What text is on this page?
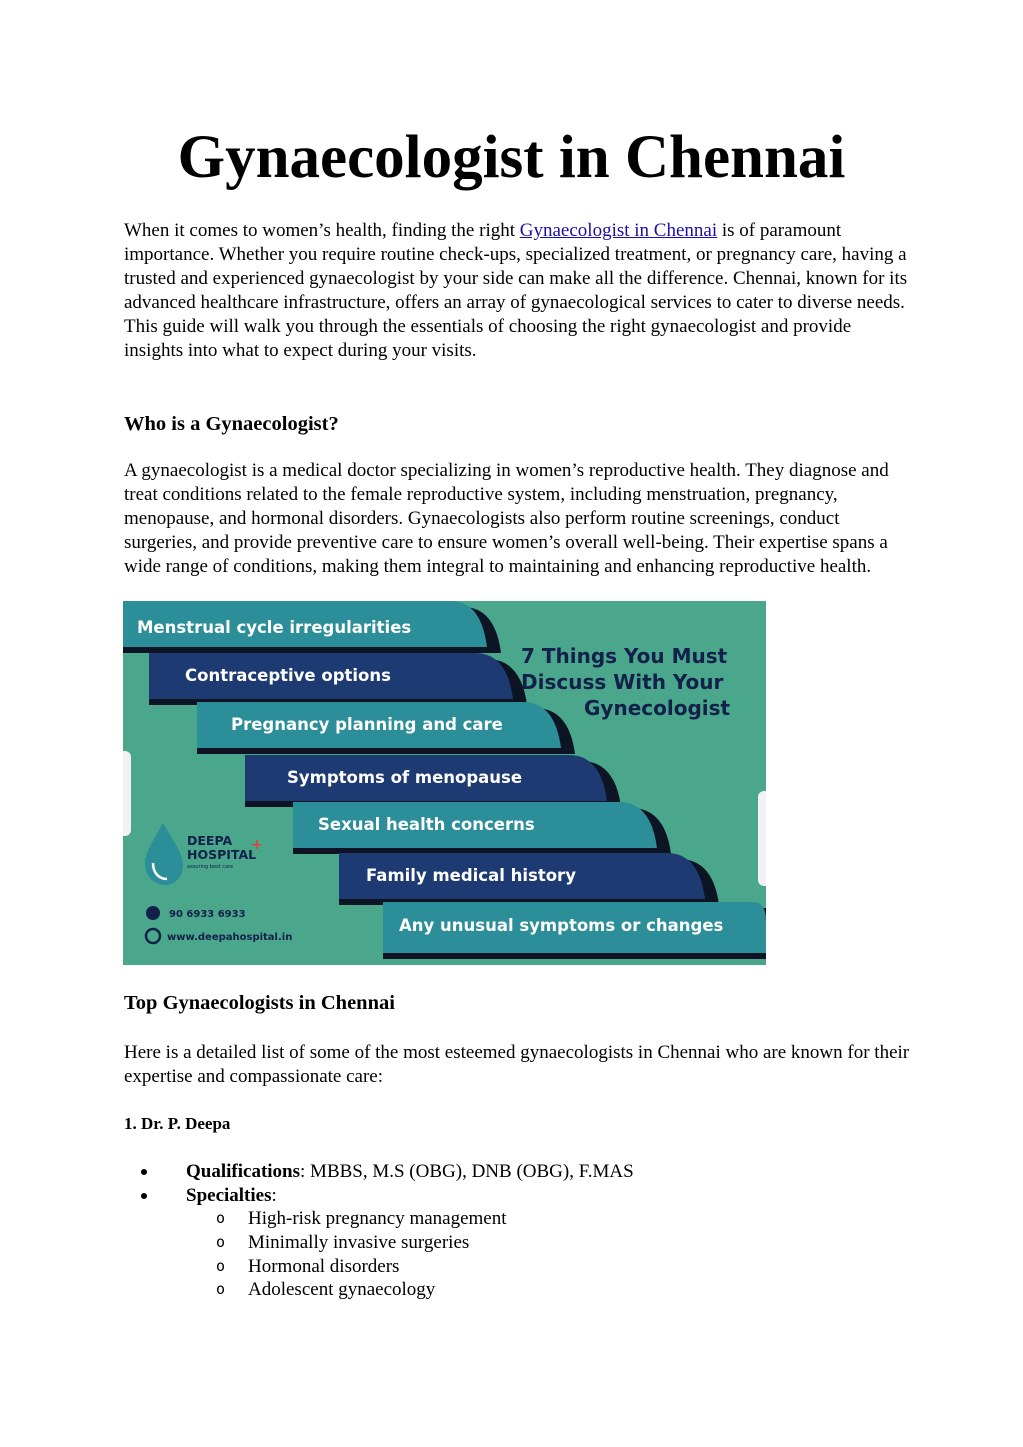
Gynaecologist in Chennai

When it comes to women’s health, finding the right Gynaecologist in Chennai is of paramount importance. Whether you require routine check-ups, specialized treatment, or pregnancy care, having a trusted and experienced gynaecologist by your side can make all the difference. Chennai, known for its advanced healthcare infrastructure, offers an array of gynaecological services to cater to diverse needs. This guide will walk you through the essentials of choosing the right gynaecologist and provide insights into what to expect during your visits.

Who is a Gynaecologist?

A gynaecologist is a medical doctor specializing in women’s reproductive health. They diagnose and treat conditions related to the female reproductive system, including menstruation, pregnancy, menopause, and hormonal disorders. Gynaecologists also perform routine screenings, conduct surgeries, and provide preventive care to ensure women’s overall well-being. Their expertise spans a wide range of conditions, making them integral to maintaining and enhancing reproductive health.

Menstrual cycle irregularities
Contraceptive options
Pregnancy planning and care
Symptoms of menopause
Sexual health concerns
Family medical history
Any unusual symptoms or changes
7 Things You Must
Discuss With Your
Gynecologist
DEEPA
HOSPITAL
+
assuring best care
90 6933 6933
www.deepahospital.in
Top Gynaecologists in Chennai

Here is a detailed list of some of the most esteemed gynaecologists in Chennai who are known for their expertise and compassionate care:

1. Dr. P. Deepa
Qualifications: MBBS, M.S (OBG), DNB (OBG), F.MAS
Specialties:
o High-risk pregnancy management
o Minimally invasive surgeries
o Hormonal disorders
o Adolescent gynaecology
